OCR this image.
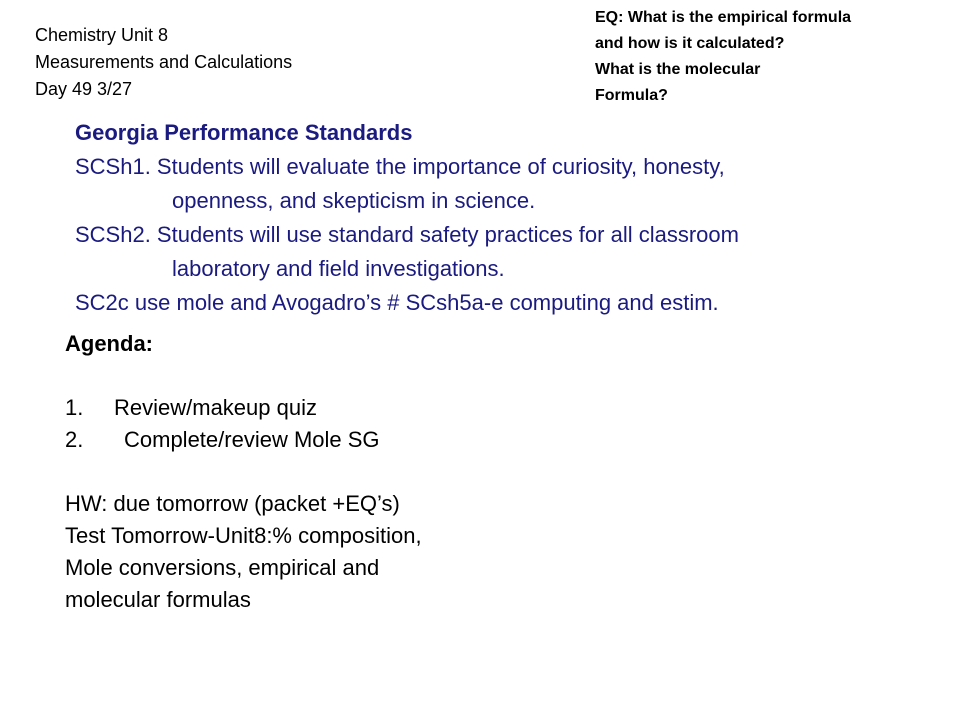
Chemistry Unit 8
Measurements and Calculations
Day 49 3/27
EQ: What is the empirical formula
and how is it calculated?
What is the molecular
Formula?
Georgia Performance Standards
SCSh1. Students will evaluate the importance of curiosity, honesty,
openness, and skepticism in science.
SCSh2. Students will use standard safety practices for all classroom
laboratory and field investigations.
SC2c use mole and Avogadro’s # SCsh5a-e computing and estim.
Agenda:
1.	Review/makeup quiz
2.	Complete/review Mole SG
HW: due tomorrow (packet +EQ’s)
Test Tomorrow-Unit8:% composition,
Mole conversions, empirical and
molecular formulas
